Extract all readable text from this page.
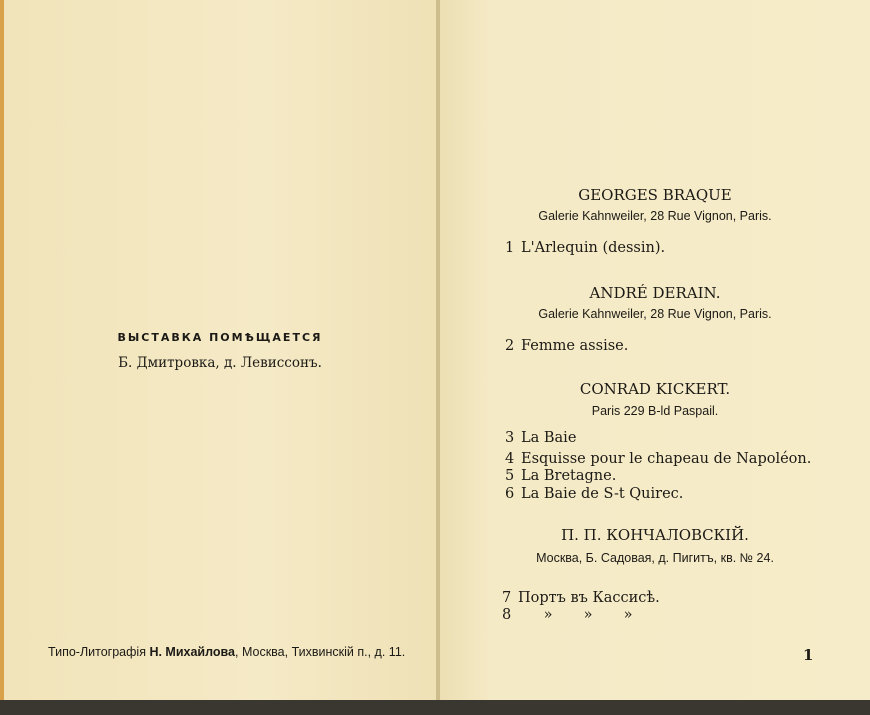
ВЫСТАВКА ПОМѢЩАЕТСЯ
Б. Дмитровка, д. Левиссонъ.
Типо-Литографія Н. Михайлова, Москва, Тихвинскій п., д. 11.
GEORGES BRAQUE
Galerie Kahnweiler, 28 Rue Vignon, Paris.
1 L'Arlequin (dessin).
ANDRÉ DERAIN.
Galerie Kahnweiler, 28 Rue Vignon, Paris.
2 Femme assise.
CONRAD KICKERT.
Paris 229 B-ld Paspail.
3 La Baie
4 Esquisse pour le chapeau de Napoléon.
5 La Bretagne.
6 La Baie de S-t Quirec.
П. П. КОНЧАЛОВСКІЙ.
Москва, Б. Садовая, д. Пигитъ, кв. № 24.
7 Портъ въ Кассисѣ.
8 » » »
1
